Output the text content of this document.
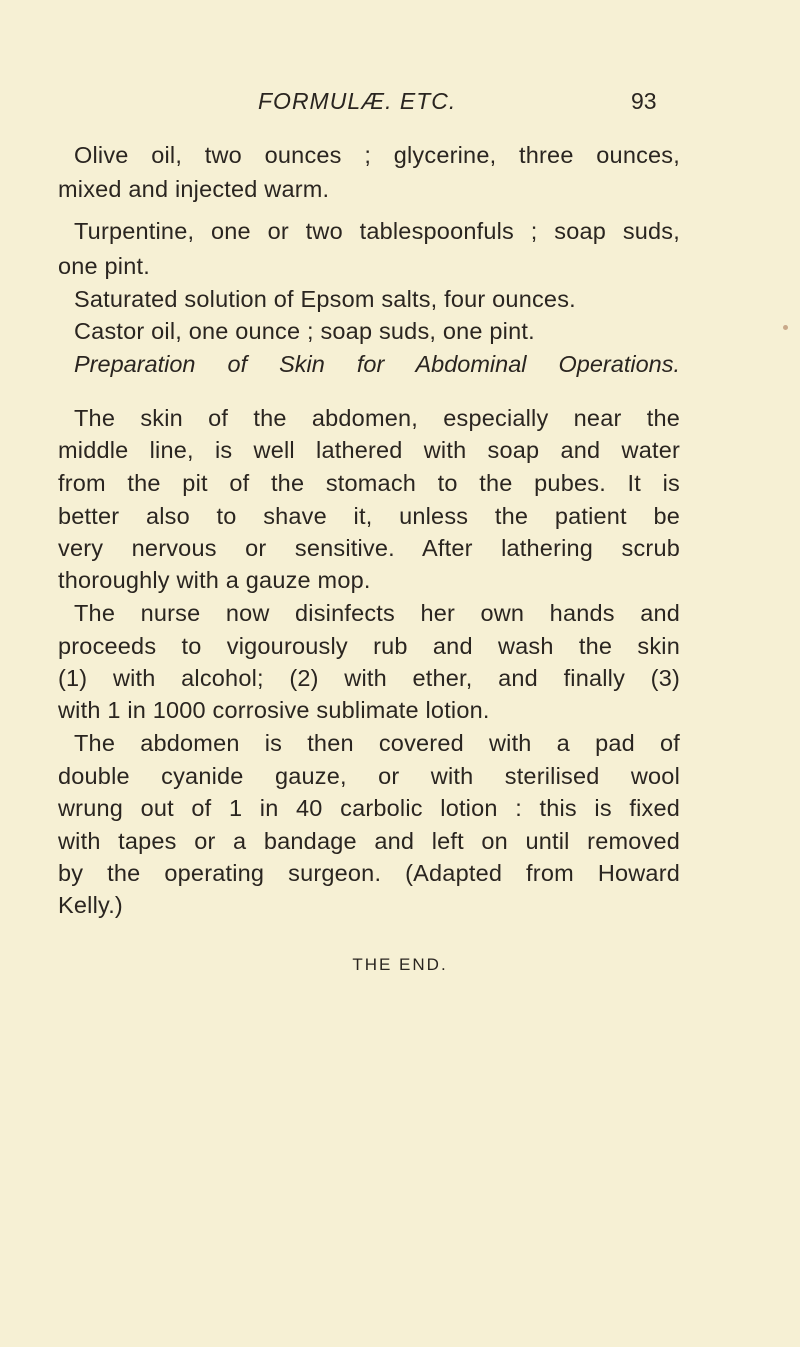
FORMULÆ. ETC.	93
Olive oil, two ounces ; glycerine, three ounces,
mixed and injected warm.
Turpentine, one or two tablespoonfuls ; soap suds,
one pint.
Saturated solution of Epsom salts, four ounces.
Castor oil, one ounce ; soap suds, one pint.
Preparation of Skin for Abdominal Operations.
The skin of the abdomen, especially near the
middle line, is well lathered with soap and water
from the pit of the stomach to the pubes. It is
better also to shave it, unless the patient be
very nervous or sensitive. After lathering scrub
thoroughly with a gauze mop.
The nurse now disinfects her own hands and
proceeds to vigourously rub and wash the skin
(1) with alcohol; (2) with ether, and finally (3)
with 1 in 1000 corrosive sublimate lotion.
The abdomen is then covered with a pad of
double cyanide gauze, or with sterilised wool
wrung out of 1 in 40 carbolic lotion : this is fixed
with tapes or a bandage and left on until removed
by the operating surgeon. (Adapted from Howard
Kelly.)
THE END.
